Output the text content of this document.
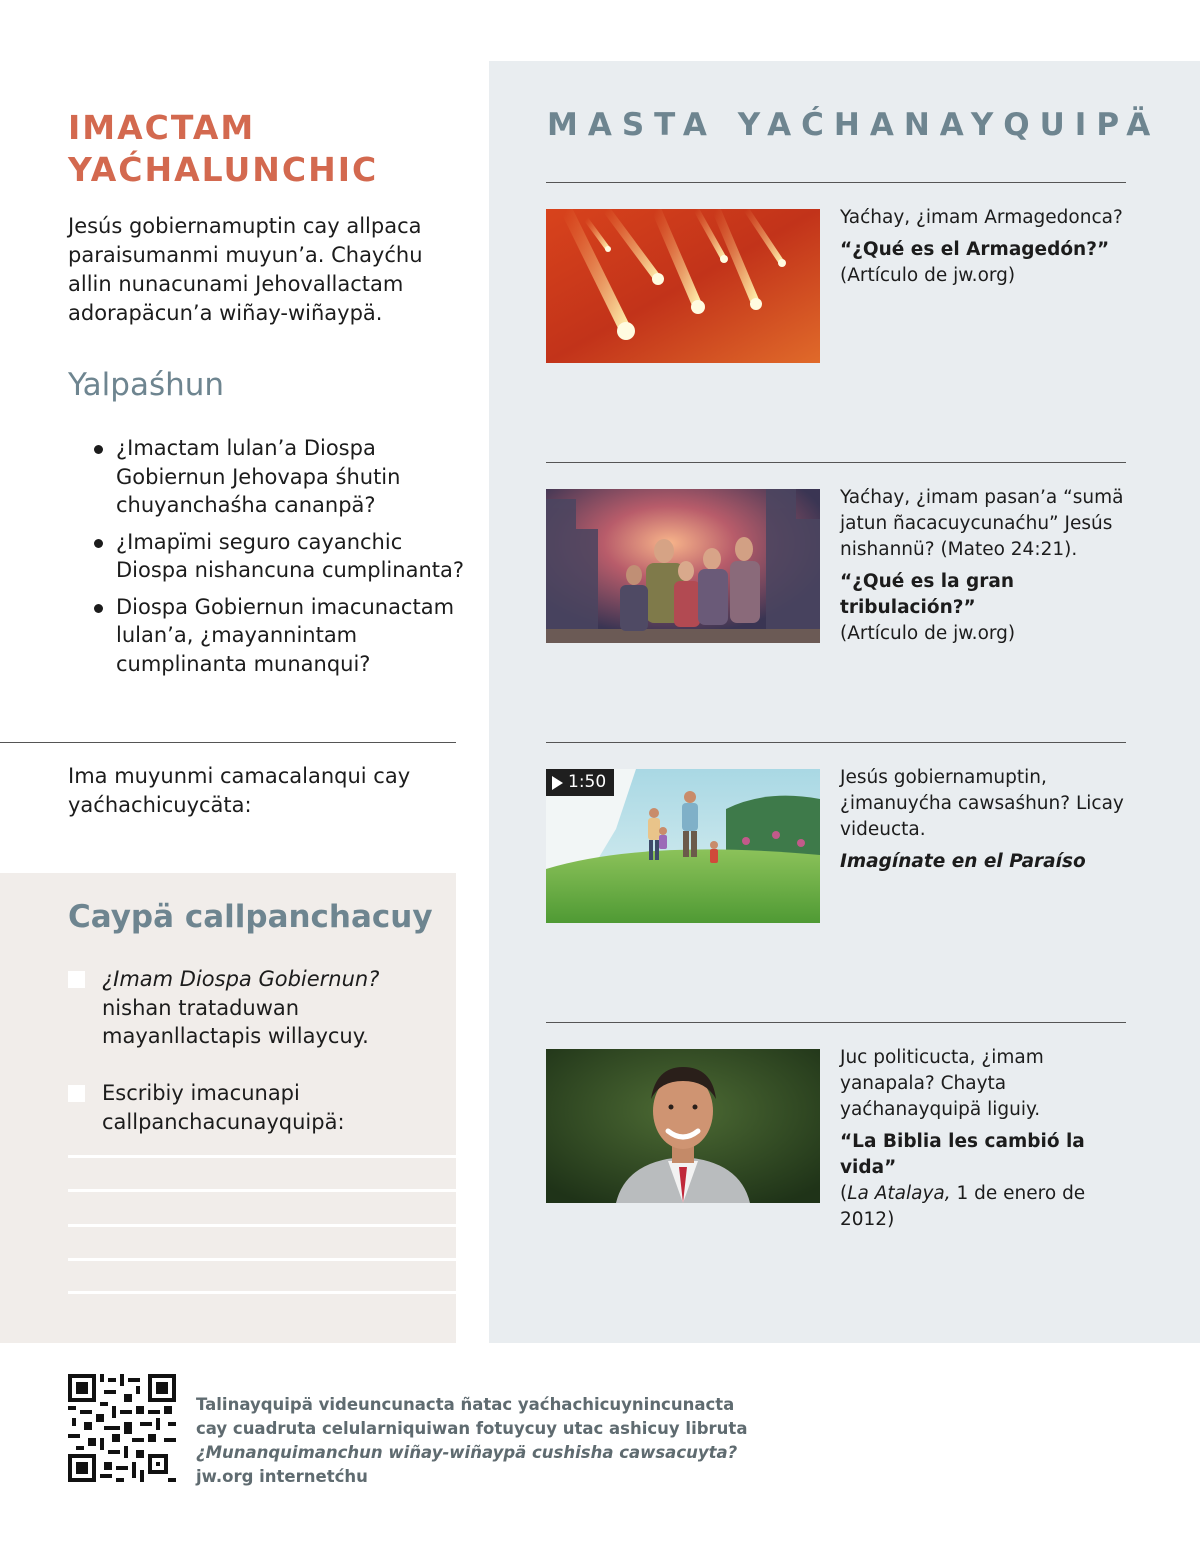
IMACTAM
YAĆHALUNCHIC

Jesús gobiernamuptin cay allpaca paraisumanmi muyun’a. Chayćhu allin nunacunami Jehovallactam adorapäcun’a wiñay-wiñaypä.

Yalpaśhun
¿Imactam lulan’a Diospa Gobiernun Jehovapa śhutin chuyanchaśha cananpä?
¿Imapïmi seguro cayanchic Diospa nishancuna cumplinanta?
Diospa Gobiernun imacunactam lulan’a, ¿mayannintam cumplinanta munanqui?

Ima muyunmi camacalanqui cay yaćhachicuycäta:

Caypä callpanchacuy
¿Imam Diospa Gobiernun? nishan trataduwan mayanllactapis willaycuy.
Escribiy imacunapi callpanchacunayquipä:
MASTA YAĆHANAYQUIPÄ
Yaćhay, ¿imam Armagedonca?
“¿Qué es el Armagedón?”
(Artículo de jw.org)
Yaćhay, ¿imam pasan’a “sumä jatun ñacacuycunaćhu” Jesús nishannü? (Mateo 24:21).
“¿Qué es la gran tribulación?”
(Artículo de jw.org)
1:50	Jesús gobiernamuptin, ¿imanuyćha cawsaśhun? Licay videucta.
Imagínate en el Paraíso
Juc politicucta, ¿imam yanapala? Chayta yaćhanayquipä liguiy.
“La Biblia les cambió la vida”
(La Atalaya, 1 de enero de 2012)
Talinayquipä videuncunacta ñatac yaćhachicuynincunacta
cay cuadruta celularniquiwan fotuycuy utac ashicuy libruta
¿Munanquimanchun wiñay-wiñaypä cushisha cawsacuyta?
jw.org internetćhu
